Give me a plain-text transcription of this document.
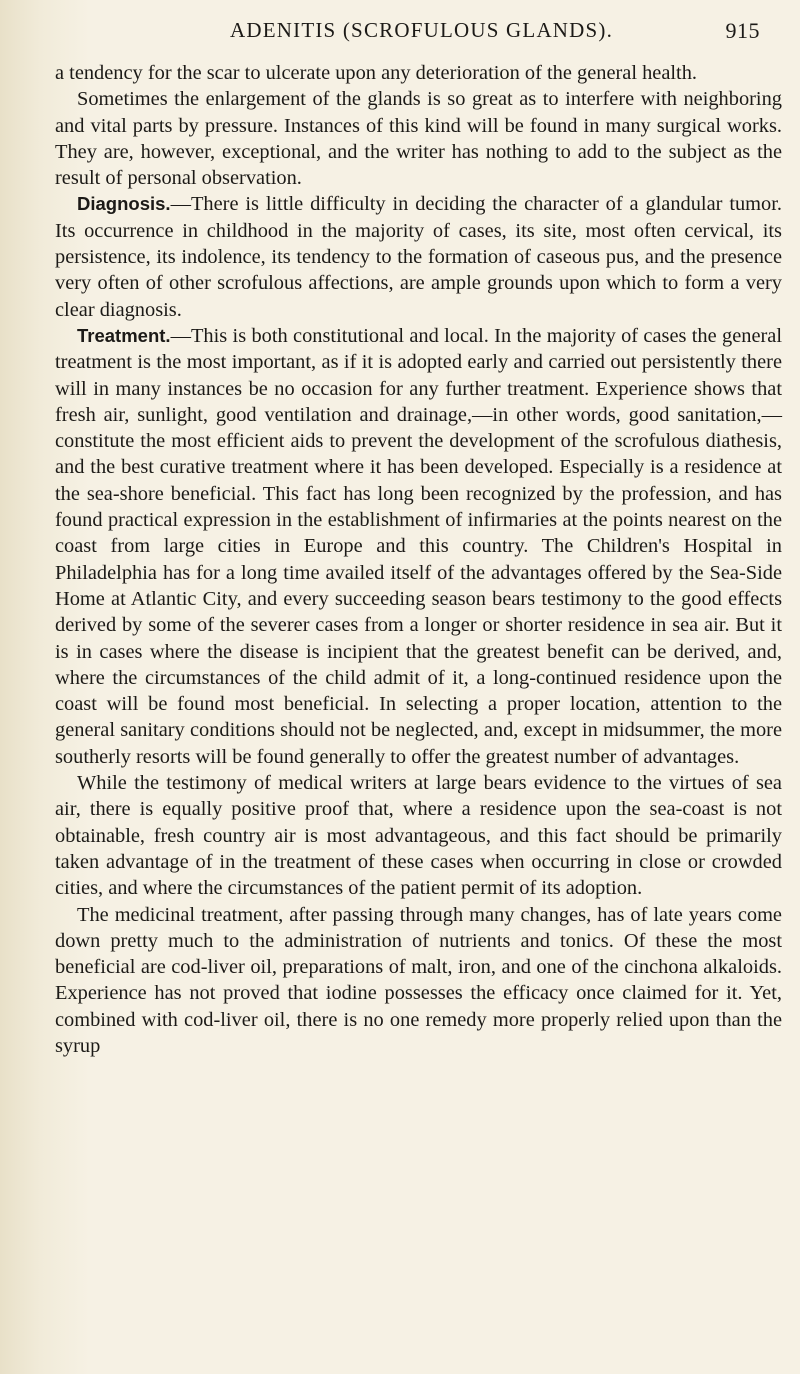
ADENITIS (SCROFULOUS GLANDS).	915

a tendency for the scar to ulcerate upon any deterioration of the general health.

Sometimes the enlargement of the glands is so great as to interfere with neighboring and vital parts by pressure. Instances of this kind will be found in many surgical works. They are, however, exceptional, and the writer has nothing to add to the subject as the result of personal observation.

Diagnosis.—There is little difficulty in deciding the character of a glandular tumor. Its occurrence in childhood in the majority of cases, its site, most often cervical, its persistence, its indolence, its tendency to the formation of caseous pus, and the presence very often of other scrofulous affections, are ample grounds upon which to form a very clear diagnosis.

Treatment.—This is both constitutional and local. In the majority of cases the general treatment is the most important, as if it is adopted early and carried out persistently there will in many instances be no occasion for any further treatment. Experience shows that fresh air, sunlight, good ventilation and drainage,—in other words, good sanitation,—constitute the most efficient aids to prevent the development of the scrofulous diathesis, and the best curative treatment where it has been developed. Especially is a residence at the sea-shore beneficial. This fact has long been recognized by the profession, and has found practical expression in the establishment of infirmaries at the points nearest on the coast from large cities in Europe and this country. The Children's Hospital in Philadelphia has for a long time availed itself of the advantages offered by the Sea-Side Home at Atlantic City, and every succeeding season bears testimony to the good effects derived by some of the severer cases from a longer or shorter residence in sea air. But it is in cases where the disease is incipient that the greatest benefit can be derived, and, where the circumstances of the child admit of it, a long-continued residence upon the coast will be found most beneficial. In selecting a proper location, attention to the general sanitary conditions should not be neglected, and, except in midsummer, the more southerly resorts will be found generally to offer the greatest number of advantages.

While the testimony of medical writers at large bears evidence to the virtues of sea air, there is equally positive proof that, where a residence upon the sea-coast is not obtainable, fresh country air is most advantageous, and this fact should be primarily taken advantage of in the treatment of these cases when occurring in close or crowded cities, and where the circumstances of the patient permit of its adoption.

The medicinal treatment, after passing through many changes, has of late years come down pretty much to the administration of nutrients and tonics. Of these the most beneficial are cod-liver oil, preparations of malt, iron, and one of the cinchona alkaloids. Experience has not proved that iodine possesses the efficacy once claimed for it. Yet, combined with cod-liver oil, there is no one remedy more properly relied upon than the syrup
